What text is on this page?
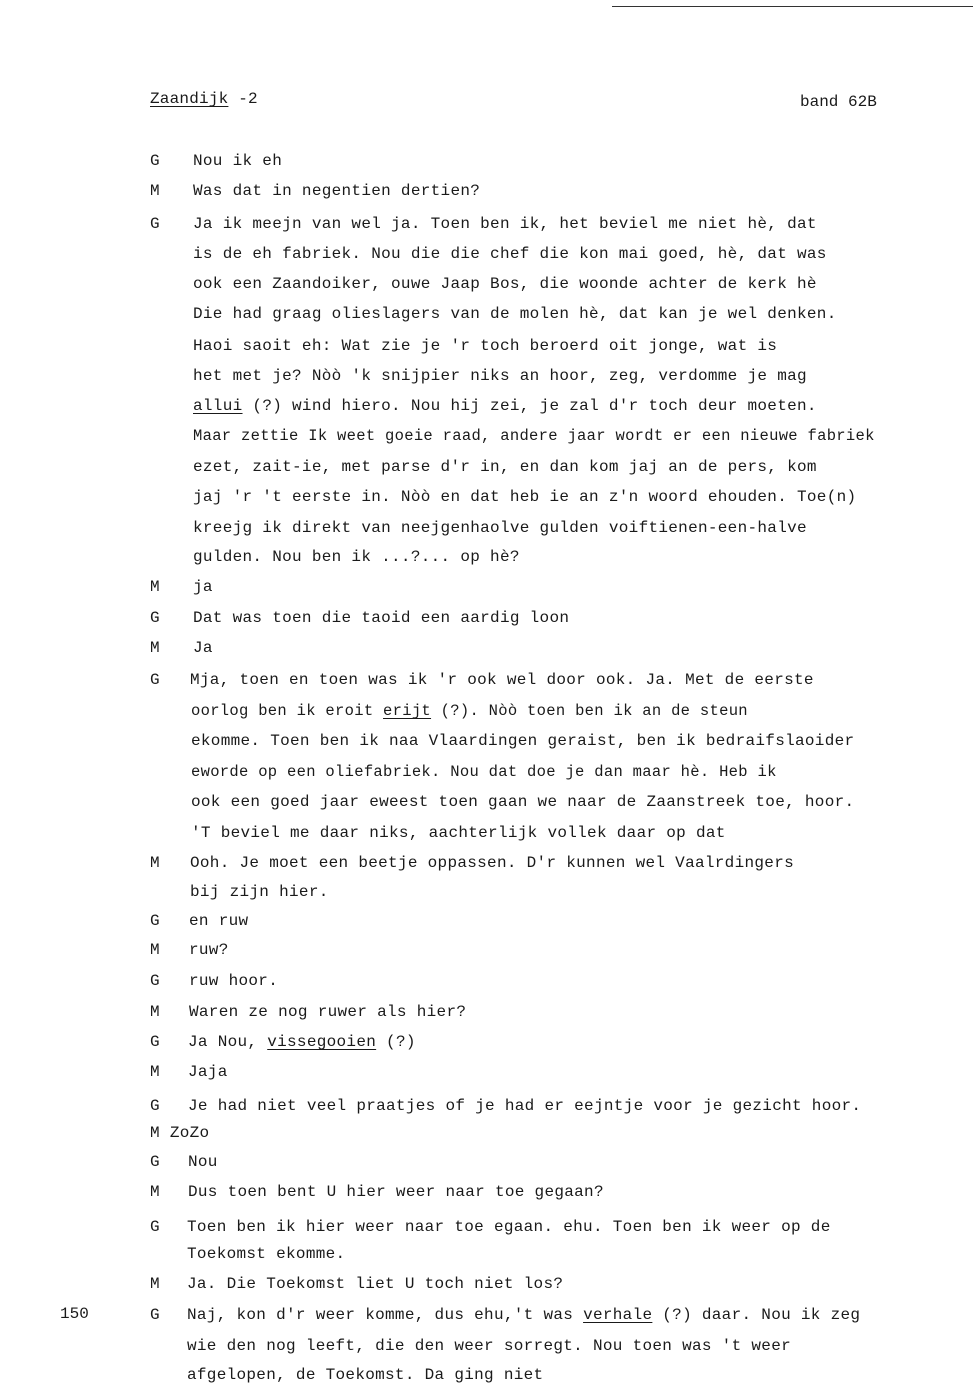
Zaandijk -2	band 62B
G Nou ik eh
M Was dat in negentien dertien?
G Ja ik meejn van wel ja. Toen ben ik, het beviel me niet hè, dat
is de eh fabriek. Nou die die chef die kon mai goed, hè, dat was
ook een Zaandoiker, ouwe Jaap Bos, die woonde achter de kerk hè
Die had graag olieslagers van de molen hè, dat kan je wel denken.
Haoi saoit eh: Wat zie je 'r toch beroerd oit jonge, wat is
het met je? Nòò 'k snijpier niks an hoor, zeg, verdomme je mag
allui (?) wind hiero. Nou hij zei, je zal d'r toch deur moeten.
Maar zettie Ik weet goeie raad, andere jaar wordt er een nieuwe fabriek
ezet, zait-ie, met parse d'r in, en dan kom jaj an de pers, kom
jaj 'r 't eerste in. Nòò en dat heb ie an z'n woord ehouden. Toe(n)
kreejg ik direkt van neejgenhaolve gulden voiftienen-een-halve
gulden. Nou ben ik ...?... op hè?
M ja
G Dat was toen die taoid een aardig loon
M Ja
G Mja, toen en toen was ik 'r ook wel door ook. Ja. Met de eerste
oorlog ben ik eroit erijt (?). Nòò toen ben ik an de steun
ekomme. Toen ben ik naa Vlaardingen geraist, ben ik bedraifslaoider
eworde op een oliefabriek. Nou dat doe je dan maar hè. Heb ik
ook een goed jaar eweest toen gaan we naar de Zaanstreek toe, hoor.
'T beviel me daar niks, aachterlijk vollek daar op dat
M Ooh. Je moet een beetje oppassen. D'r kunnen wel Vaalrdingers
bij zijn hier.
G en ruw
M ruw?
G ruw hoor.
M Waren ze nog ruwer als hier?
G Ja Nou, vissegooien (?)
M Jaja
G Je had niet veel praatjes of je had er eejntje voor je gezicht hoor.
M ZoZo
G Nou
M Dus toen bent U hier weer naar toe gegaan?
G Toen ben ik hier weer naar toe egaan. ehu. Toen ben ik weer op de
Toekomst ekomme.
M Ja. Die Toekomst liet U toch niet los?
G Naj, kon d'r weer komme, dus ehu,'t was verhale (?) daar. Nou ik zeg
wie den nog leeft, die den weer sorregt. Nou toen was 't weer
afgelopen, de Toekomst. Da ging niet
150
